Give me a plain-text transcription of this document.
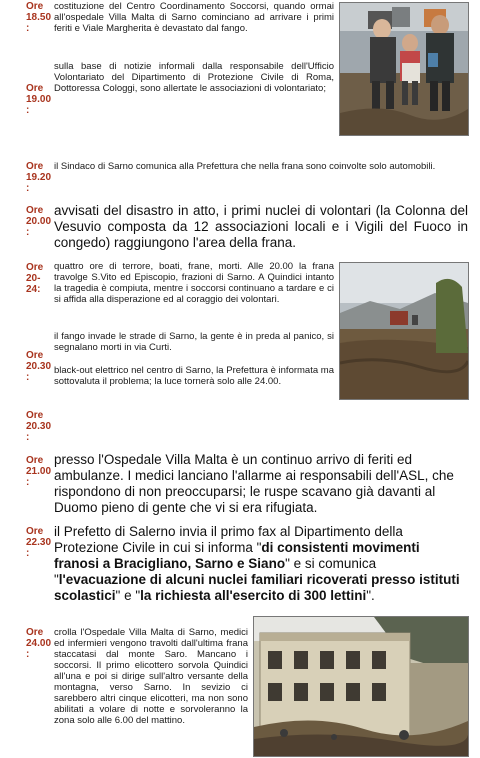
Ore
18.50
:
costituzione del Centro Coordinamento Soccorsi, quando ormai all'ospedale Villa Malta di Sarno cominciano ad arrivare i primi feriti e Viale Margherita è devastato dal fango.
Ore
19.00
:
sulla base di notizie informali dalla responsabile dell'Ufficio Volontariato del Dipartimento di Protezione Civile di Roma, Dottoressa Cologgi, sono allertate le associazioni di volontariato;
Ore
19.20
:
il Sindaco di Sarno comunica alla Prefettura che nella frana sono coinvolte solo automobili.
Ore
20.00
:
avvisati del disastro in atto, i primi nuclei di volontari (la Colonna del Vesuvio composta da 12 associazioni locali e i Vigili del Fuoco in congedo) raggiungono l'area della frana.
Ore
20-
24:
quattro ore di terrore, boati, frane, morti. Alle 20.00 la frana travolge S.Vito ed Episcopio, frazioni di Sarno. A Quindici intanto la tragedia è compiuta, mentre i soccorsi continuano a tardare e ci si affida alla disperazione ed al coraggio dei volontari.
Ore
20.30
:
il fango invade le strade di Sarno, la gente è in preda al panico, si segnalano morti in via Curti.
black-out elettrico nel centro di Sarno, la Prefettura è informata ma sottovaluta il problema; la luce tornerà solo alle 24.00.
Ore
20.30
:
Ore
21.00
:
presso l'Ospedale Villa Malta è un continuo arrivo di feriti ed ambulanze. I medici lanciano l'allarme ai responsabili dell'ASL, che rispondono di non preoccuparsi; le ruspe scavano già davanti al Duomo pieno di gente che vi si era rifugiata.
Ore
22.30
:
il Prefetto di Salerno invia il primo fax al Dipartimento della Protezione Civile in cui si informa "di consistenti movimenti franosi a Bracigliano, Sarno e Siano" e si comunica "l'evacuazione di alcuni nuclei familiari ricoverati presso istituti scolastici" e "la richiesta all'esercito di 300 lettini".
Ore
24.00
:
crolla l'Ospedale Villa Malta di Sarno, medici ed infermieri vengono travolti dall'ultima frana staccatasi dal monte Saro. Mancano i soccorsi. Il primo elicottero sorvola Quindici all'una e poi si dirige sull'altro versante della montagna, verso Sarno. In sevizio ci sarebbero altri cinque elicotteri, ma non sono abilitati a volare di notte e sorvoleranno la zona solo alle 6.00 del mattino.
